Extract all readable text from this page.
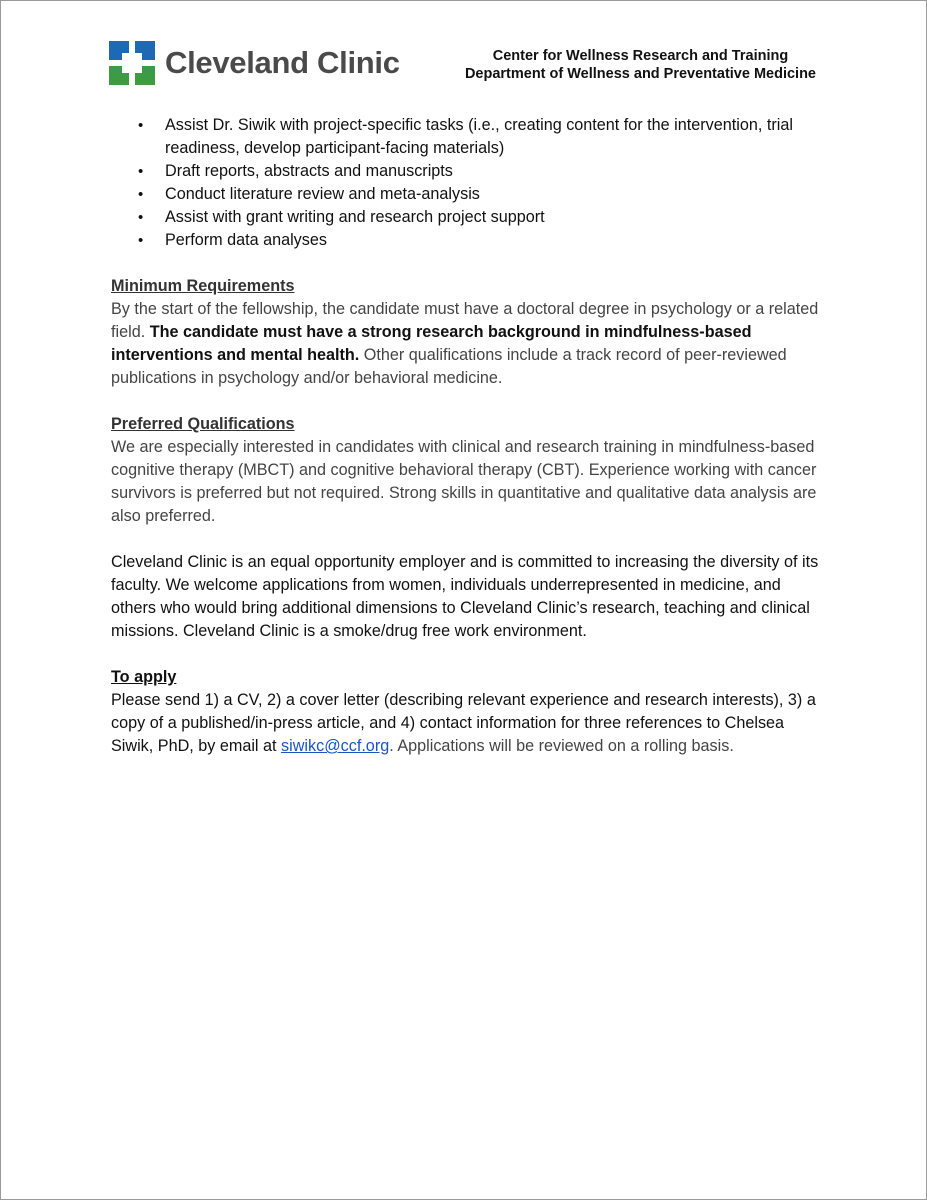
Cleveland Clinic	Center for Wellness Research and Training
Department of Wellness and Preventative Medicine
• Assist Dr. Siwik with project-specific tasks (i.e., creating content for the intervention, trial readiness, develop participant-facing materials)
• Draft reports, abstracts and manuscripts
• Conduct literature review and meta-analysis
• Assist with grant writing and research project support
• Perform data analyses
Minimum Requirements

By the start of the fellowship, the candidate must have a doctoral degree in psychology or a related field. The candidate must have a strong research background in mindfulness-based interventions and mental health. Other qualifications include a track record of peer-reviewed publications in psychology and/or behavioral medicine.

Preferred Qualifications

We are especially interested in candidates with clinical and research training in mindfulness-based cognitive therapy (MBCT) and cognitive behavioral therapy (CBT). Experience working with cancer survivors is preferred but not required. Strong skills in quantitative and qualitative data analysis are also preferred.

Cleveland Clinic is an equal opportunity employer and is committed to increasing the diversity of its faculty. We welcome applications from women, individuals underrepresented in medicine, and others who would bring additional dimensions to Cleveland Clinic’s research, teaching and clinical missions. Cleveland Clinic is a smoke/drug free work environment.

To apply

Please send 1) a CV, 2) a cover letter (describing relevant experience and research interests), 3) a copy of a published/in-press article, and 4) contact information for three references to Chelsea Siwik, PhD, by email at siwikc@ccf.org. Applications will be reviewed on a rolling basis.
